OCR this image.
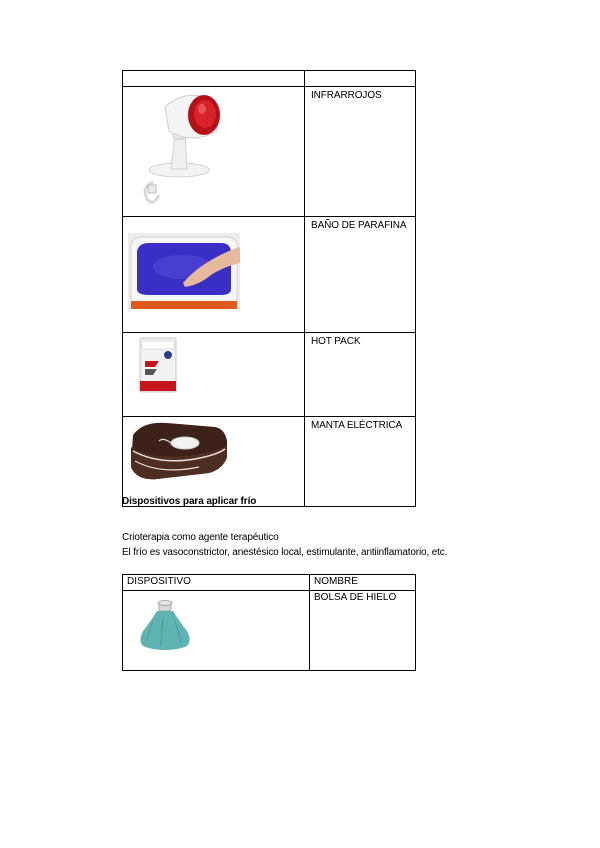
INFRARROJOS

BAÑO DE PARAFINA

HOT PACK

MANTA ELÉCTRICA
Dispositivos para aplicar frío

Crioterapia como agente terapéutico

El frío es vasoconstrictor, anestésico local, estimulante, antiinflamatorio, etc.

DISPOSITIVO	NOMBRE

BOLSA DE HIELO
